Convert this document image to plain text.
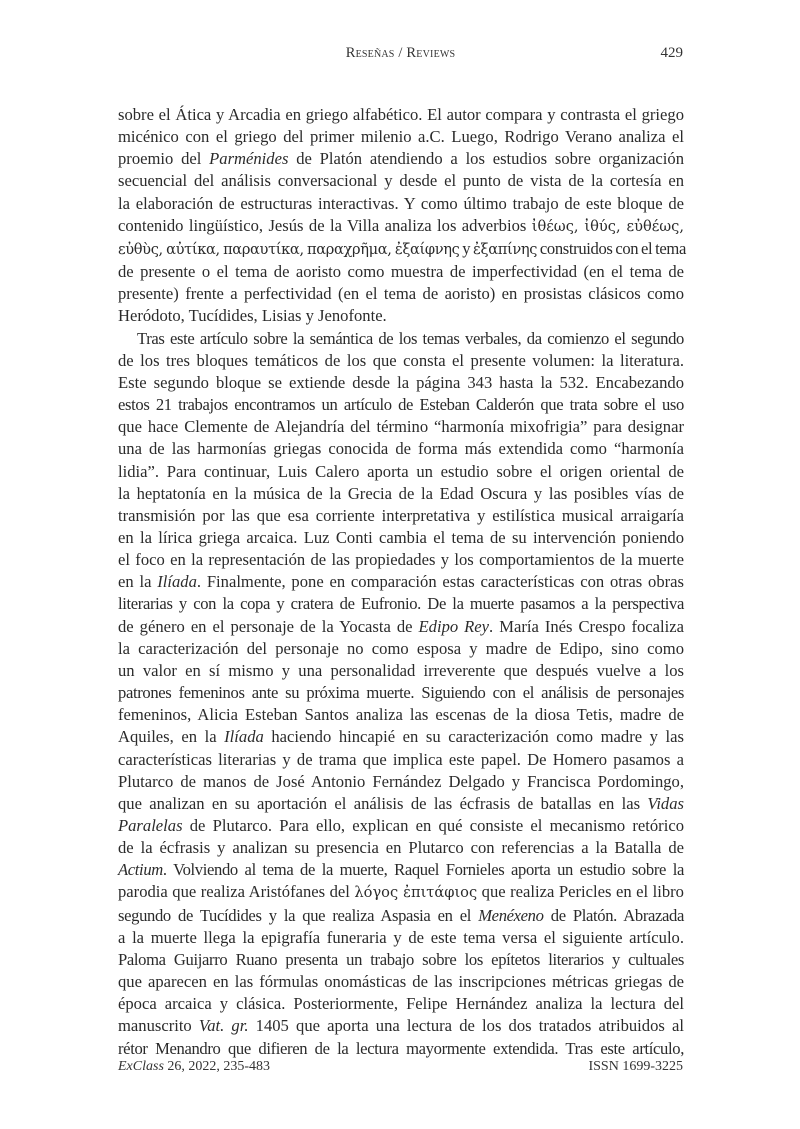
Reseñas / Reviews	429
sobre el Ática y Arcadia en griego alfabético. El autor compara y contrasta el griego
micénico con el griego del primer milenio a.C. Luego, Rodrigo Verano analiza el
proemio del Parménides de Platón atendiendo a los estudios sobre organización
secuencial del análisis conversacional y desde el punto de vista de la cortesía en
la elaboración de estructuras interactivas. Y como último trabajo de este bloque de
contenido lingüístico, Jesús de la Villa analiza los adverbios ἰθέως, ἰθύς, εὐθέως,
εὐθὺς, αὐτίκα, παραυτίκα, παραχρῆμα, ἐξαίφνης y ἐξαπίνης construidos con el tema
de presente o el tema de aoristo como muestra de imperfectividad (en el tema de
presente) frente a perfectividad (en el tema de aoristo) en prosistas clásicos como
Heródoto, Tucídides, Lisias y Jenofonte.
Tras este artículo sobre la semántica de los temas verbales, da comienzo el segundo
de los tres bloques temáticos de los que consta el presente volumen: la literatura.
Este segundo bloque se extiende desde la página 343 hasta la 532. Encabezando
estos 21 trabajos encontramos un artículo de Esteban Calderón que trata sobre el uso
que hace Clemente de Alejandría del término “harmonía mixofrigia” para designar
una de las harmonías griegas conocida de forma más extendida como “harmonía
lidia”. Para continuar, Luis Calero aporta un estudio sobre el origen oriental de
la heptatonía en la música de la Grecia de la Edad Oscura y las posibles vías de
transmisión por las que esa corriente interpretativa y estilística musical arraigaría
en la lírica griega arcaica. Luz Conti cambia el tema de su intervención poniendo
el foco en la representación de las propiedades y los comportamientos de la muerte
en la Ilíada. Finalmente, pone en comparación estas características con otras obras
literarias y con la copa y cratera de Eufronio. De la muerte pasamos a la perspectiva
de género en el personaje de la Yocasta de Edipo Rey. María Inés Crespo focaliza
la caracterización del personaje no como esposa y madre de Edipo, sino como
un valor en sí mismo y una personalidad irreverente que después vuelve a los
patrones femeninos ante su próxima muerte. Siguiendo con el análisis de personajes
femeninos, Alicia Esteban Santos analiza las escenas de la diosa Tetis, madre de
Aquiles, en la Ilíada haciendo hincapié en su caracterización como madre y las
características literarias y de trama que implica este papel. De Homero pasamos a
Plutarco de manos de José Antonio Fernández Delgado y Francisca Pordomingo,
que analizan en su aportación el análisis de las écfrasis de batallas en las Vidas
Paralelas de Plutarco. Para ello, explican en qué consiste el mecanismo retórico
de la écfrasis y analizan su presencia en Plutarco con referencias a la Batalla de
Actium. Volviendo al tema de la muerte, Raquel Fornieles aporta un estudio sobre la
parodia que realiza Aristófanes del λόγος ἐπιτάφιος que realiza Pericles en el libro
segundo de Tucídides y la que realiza Aspasia en el Menéxeno de Platón. Abrazada
a la muerte llega la epigrafía funeraria y de este tema versa el siguiente artículo.
Paloma Guijarro Ruano presenta un trabajo sobre los epítetos literarios y cultuales
que aparecen en las fórmulas onomásticas de las inscripciones métricas griegas de
época arcaica y clásica. Posteriormente, Felipe Hernández analiza la lectura del
manuscrito Vat. gr. 1405 que aporta una lectura de los dos tratados atribuidos al
rétor Menandro que difieren de la lectura mayormente extendida. Tras este artículo,
ExClass 26, 2022, 235-483	ISSN 1699-3225
